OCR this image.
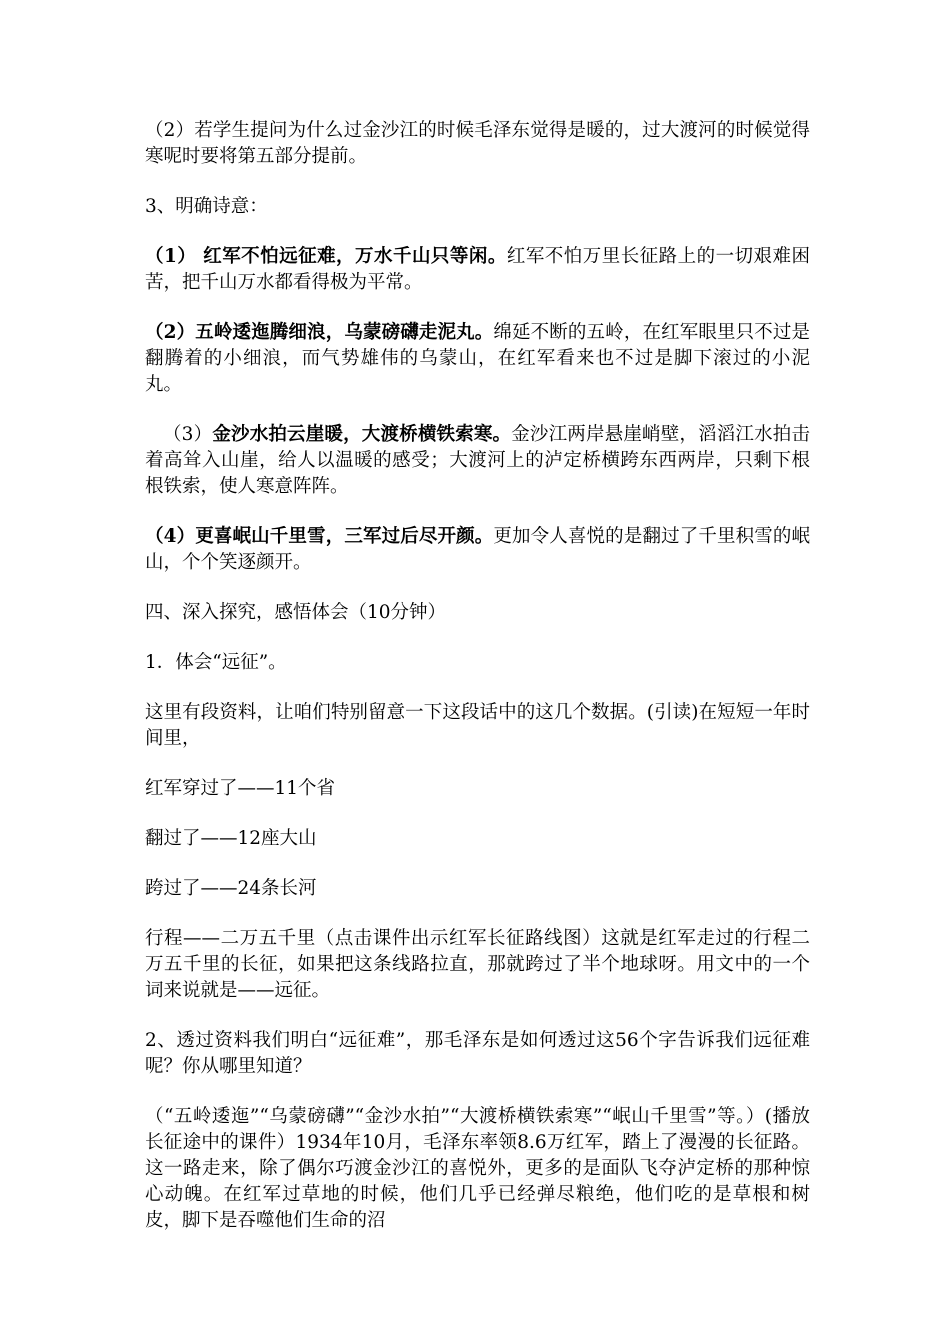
（2）若学生提问为什么过金沙江的时候毛泽东觉得是暖的，过大渡河的时候觉得寒呢时要将第五部分提前。

3、明确诗意：

（1） 红军不怕远征难，万水千山只等闲。红军不怕万里长征路上的一切艰难困苦，把千山万水都看得极为平常。

（2）五岭逶迤腾细浪，乌蒙磅礴走泥丸。绵延不断的五岭，在红军眼里只不过是翻腾着的小细浪，而气势雄伟的乌蒙山，在红军看来也不过是脚下滚过的小泥丸。

（3）金沙水拍云崖暖，大渡桥横铁索寒。金沙江两岸悬崖峭壁，滔滔江水拍击着高耸入山崖，给人以温暖的感受；大渡河上的泸定桥横跨东西两岸，只剩下根根铁索，使人寒意阵阵。

（4）更喜岷山千里雪，三军过后尽开颜。更加令人喜悦的是翻过了千里积雪的岷山，个个笑逐颜开。

四、深入探究，感悟体会（10分钟）

1．体会“远征”。

这里有段资料，让咱们特别留意一下这段话中的这几个数据。(引读)在短短一年时间里，

红军穿过了——11个省

翻过了——12座大山

跨过了——24条长河

行程——二万五千里（点击课件出示红军长征路线图）这就是红军走过的行程二万五千里的长征，如果把这条线路拉直，那就跨过了半个地球呀。用文中的一个词来说就是——远征。

2、透过资料我们明白“远征难”，那毛泽东是如何透过这56个字告诉我们远征难呢？你从哪里知道？

（“五岭逶迤”“乌蒙磅礴”“金沙水拍”“大渡桥横铁索寒”“岷山千里雪”等。）(播放长征途中的课件）1934年10月，毛泽东率领8.6万红军，踏上了漫漫的长征路。这一路走来，除了偶尔巧渡金沙江的喜悦外，更多的是面队飞夺泸定桥的那种惊心动魄。在红军过草地的时候，他们几乎已经弹尽粮绝，他们吃的是草根和树皮，脚下是吞噬他们生命的沼
